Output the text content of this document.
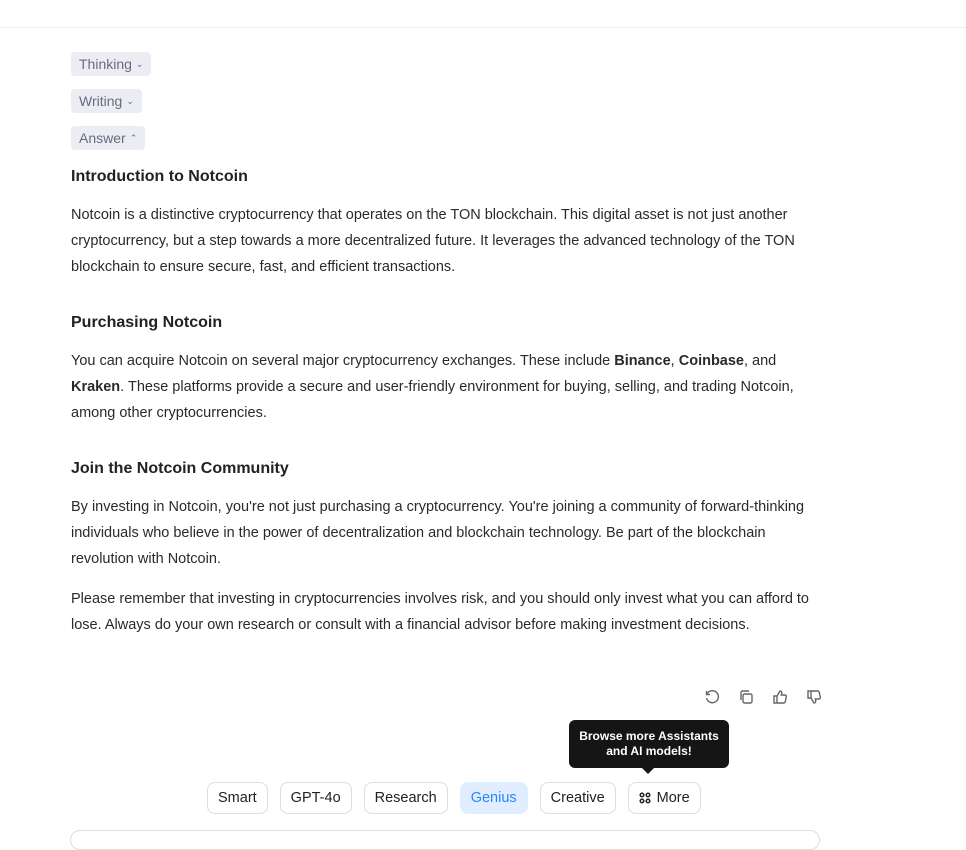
Thinking ⌄
Writing ⌄
Answer ⌃
Introduction to Notcoin

Notcoin is a distinctive cryptocurrency that operates on the TON blockchain. This digital asset is not just another cryptocurrency, but a step towards a more decentralized future. It leverages the advanced technology of the TON blockchain to ensure secure, fast, and efficient transactions.

Purchasing Notcoin

You can acquire Notcoin on several major cryptocurrency exchanges. These include Binance, Coinbase, and Kraken. These platforms provide a secure and user-friendly environment for buying, selling, and trading Notcoin, among other cryptocurrencies.

Join the Notcoin Community

By investing in Notcoin, you're not just purchasing a cryptocurrency. You're joining a community of forward-thinking individuals who believe in the power of decentralization and blockchain technology. Be part of the blockchain revolution with Notcoin.

Please remember that investing in cryptocurrencies involves risk, and you should only invest what you can afford to lose. Always do your own research or consult with a financial advisor before making investment decisions.

Browse more Assistants and AI models!
Smart	GPT-4o	Research	Genius	Creative	More
